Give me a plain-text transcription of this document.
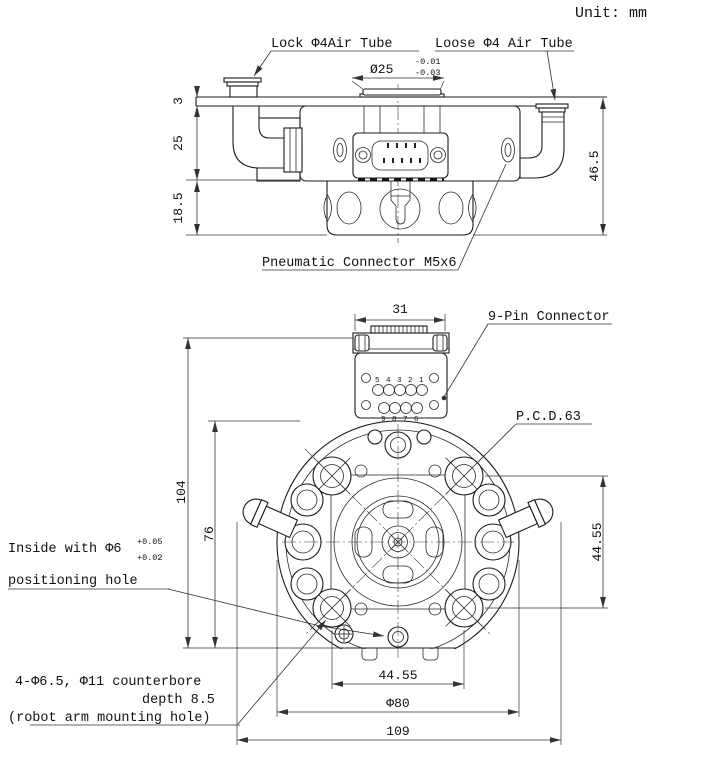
5 4 3 2 1
9 8 7 6
Unit: mm
Lock Φ4Air Tube	Loose Φ4 Air Tube
Ø25	-0.01
-0.03
3
25
18.5
46.5
Pneumatic Connector M5x6
31
9-Pin Connector
P.C.D.63
104
76	44.55
Inside with Φ6 +0.05
+0.02
positioning hole
4-Φ6.5, Φ11 counterbore
depth 8.5
(robot arm mounting hole)
44.55
Φ80
109
